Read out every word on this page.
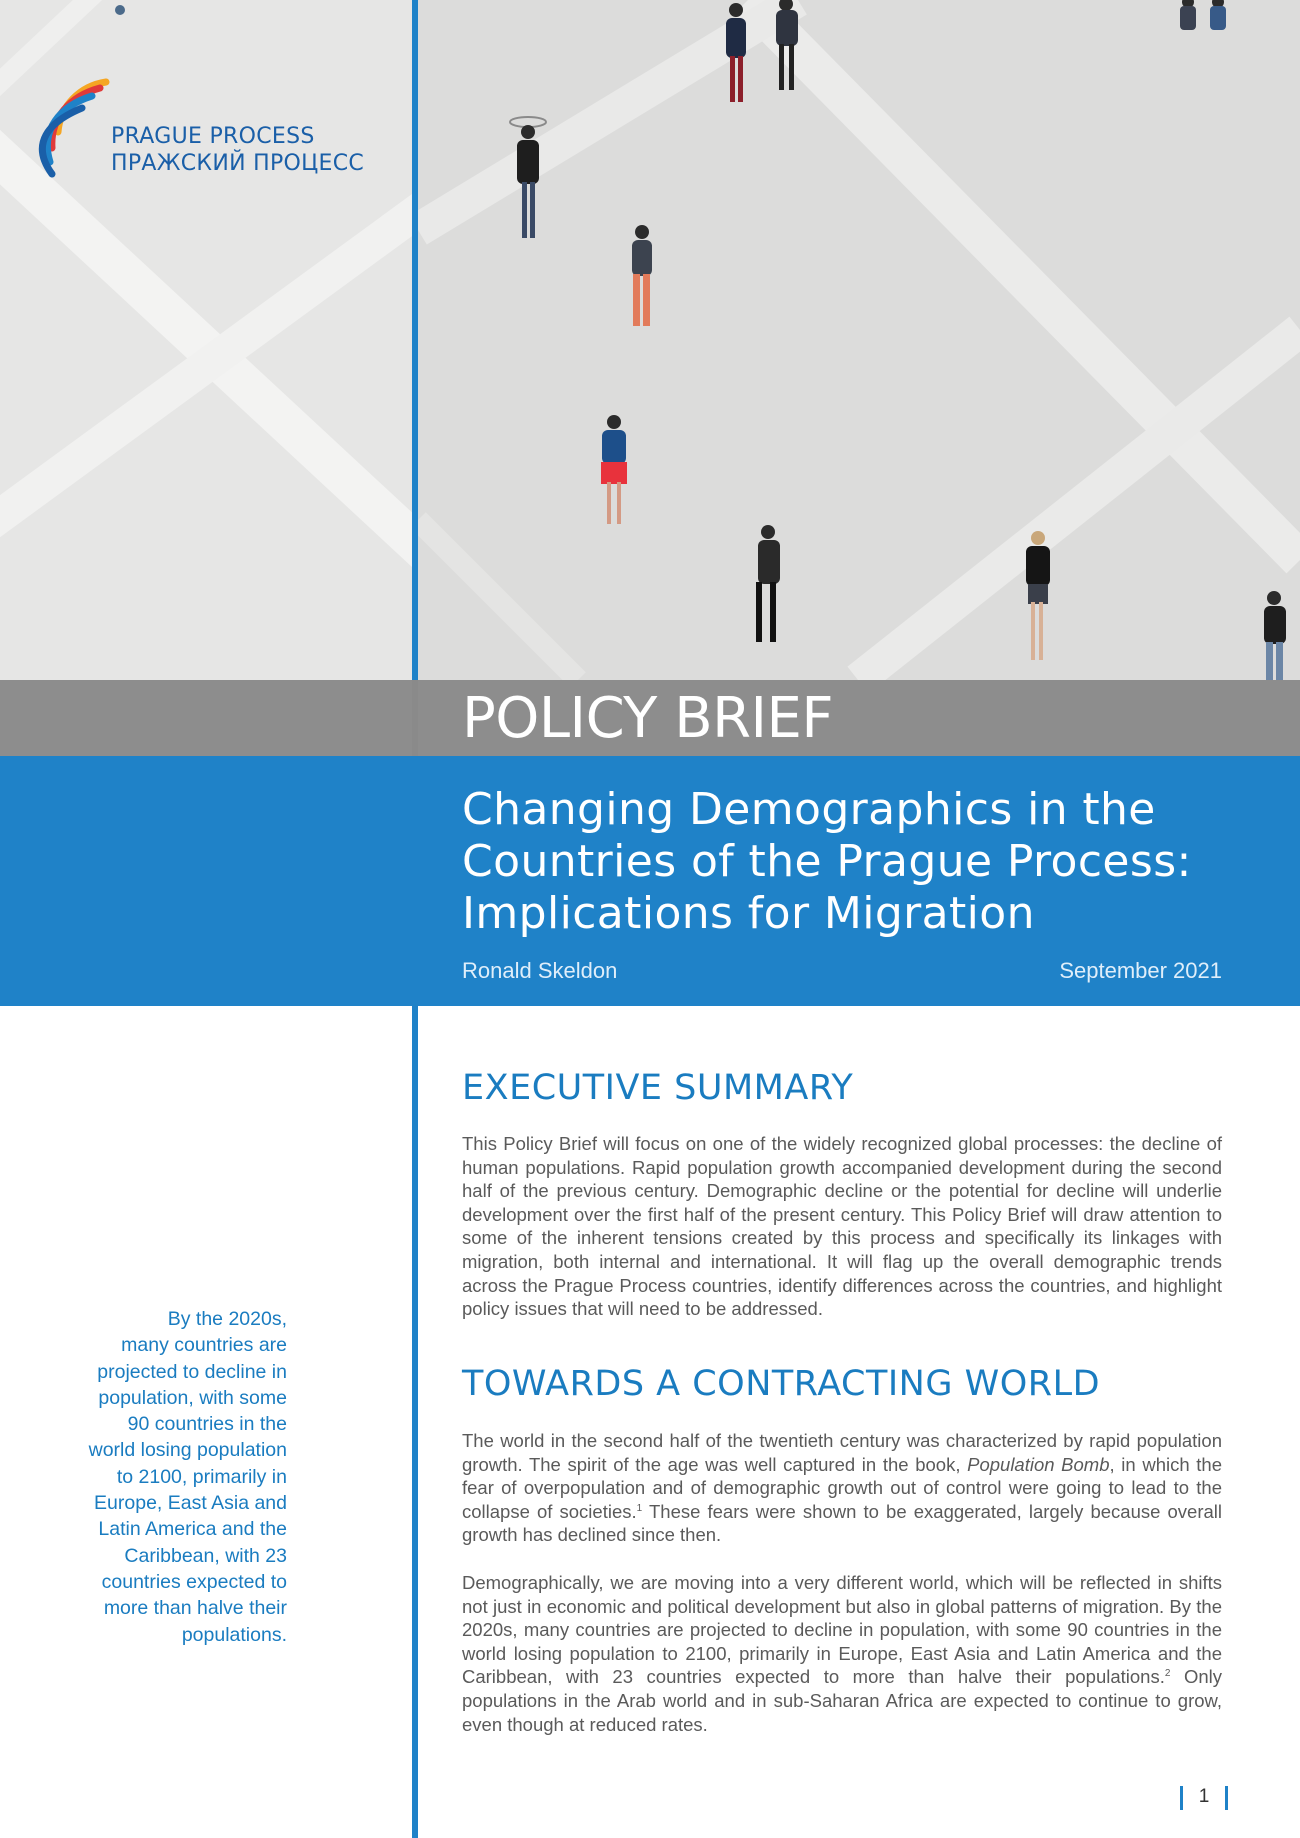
PRAGUE PROCESS
ПРАЖСКИЙ ПРОЦЕСС
POLICY BRIEF
Changing Demographics in the
Countries of the Prague Process:
Implications for Migration
Ronald Skeldon	September 2021
By the 2020s,
many countries are
projected to decline in
population, with some
90 countries in the
world losing population
to 2100, primarily in
Europe, East Asia and
Latin America and the
Caribbean, with 23
countries expected to
more than halve their
populations.
EXECUTIVE SUMMARY
This Policy Brief will focus on one of the widely recognized global processes: the decline of human populations. Rapid population growth accompanied development during the second half of the previous century. Demographic decline or the potential for decline will underlie development over the first half of the present century. This Policy Brief will draw attention to some of the inherent tensions created by this process and specifically its linkages with migration, both internal and international. It will flag up the overall demographic trends across the Prague Process countries, identify differences across the countries, and highlight policy issues that will need to be addressed.
TOWARDS A CONTRACTING WORLD
The world in the second half of the twentieth century was characterized by rapid population growth. The spirit of the age was well captured in the book, Population Bomb, in which the fear of overpopulation and of demographic growth out of control were going to lead to the collapse of societies.$^1$ These fears were shown to be exaggerated, largely because overall growth has declined since then.
Demographically, we are moving into a very different world, which will be reflected in shifts not just in economic and political development but also in global patterns of migration. By the 2020s, many countries are projected to decline in population, with some 90 countries in the world losing population to 2100, primarily in Europe, East Asia and Latin America and the Caribbean, with 23 countries expected to more than halve their populations.$^2$ Only populations in the Arab world and in sub-Saharan Africa are expected to continue to grow, even though at reduced rates.
1
